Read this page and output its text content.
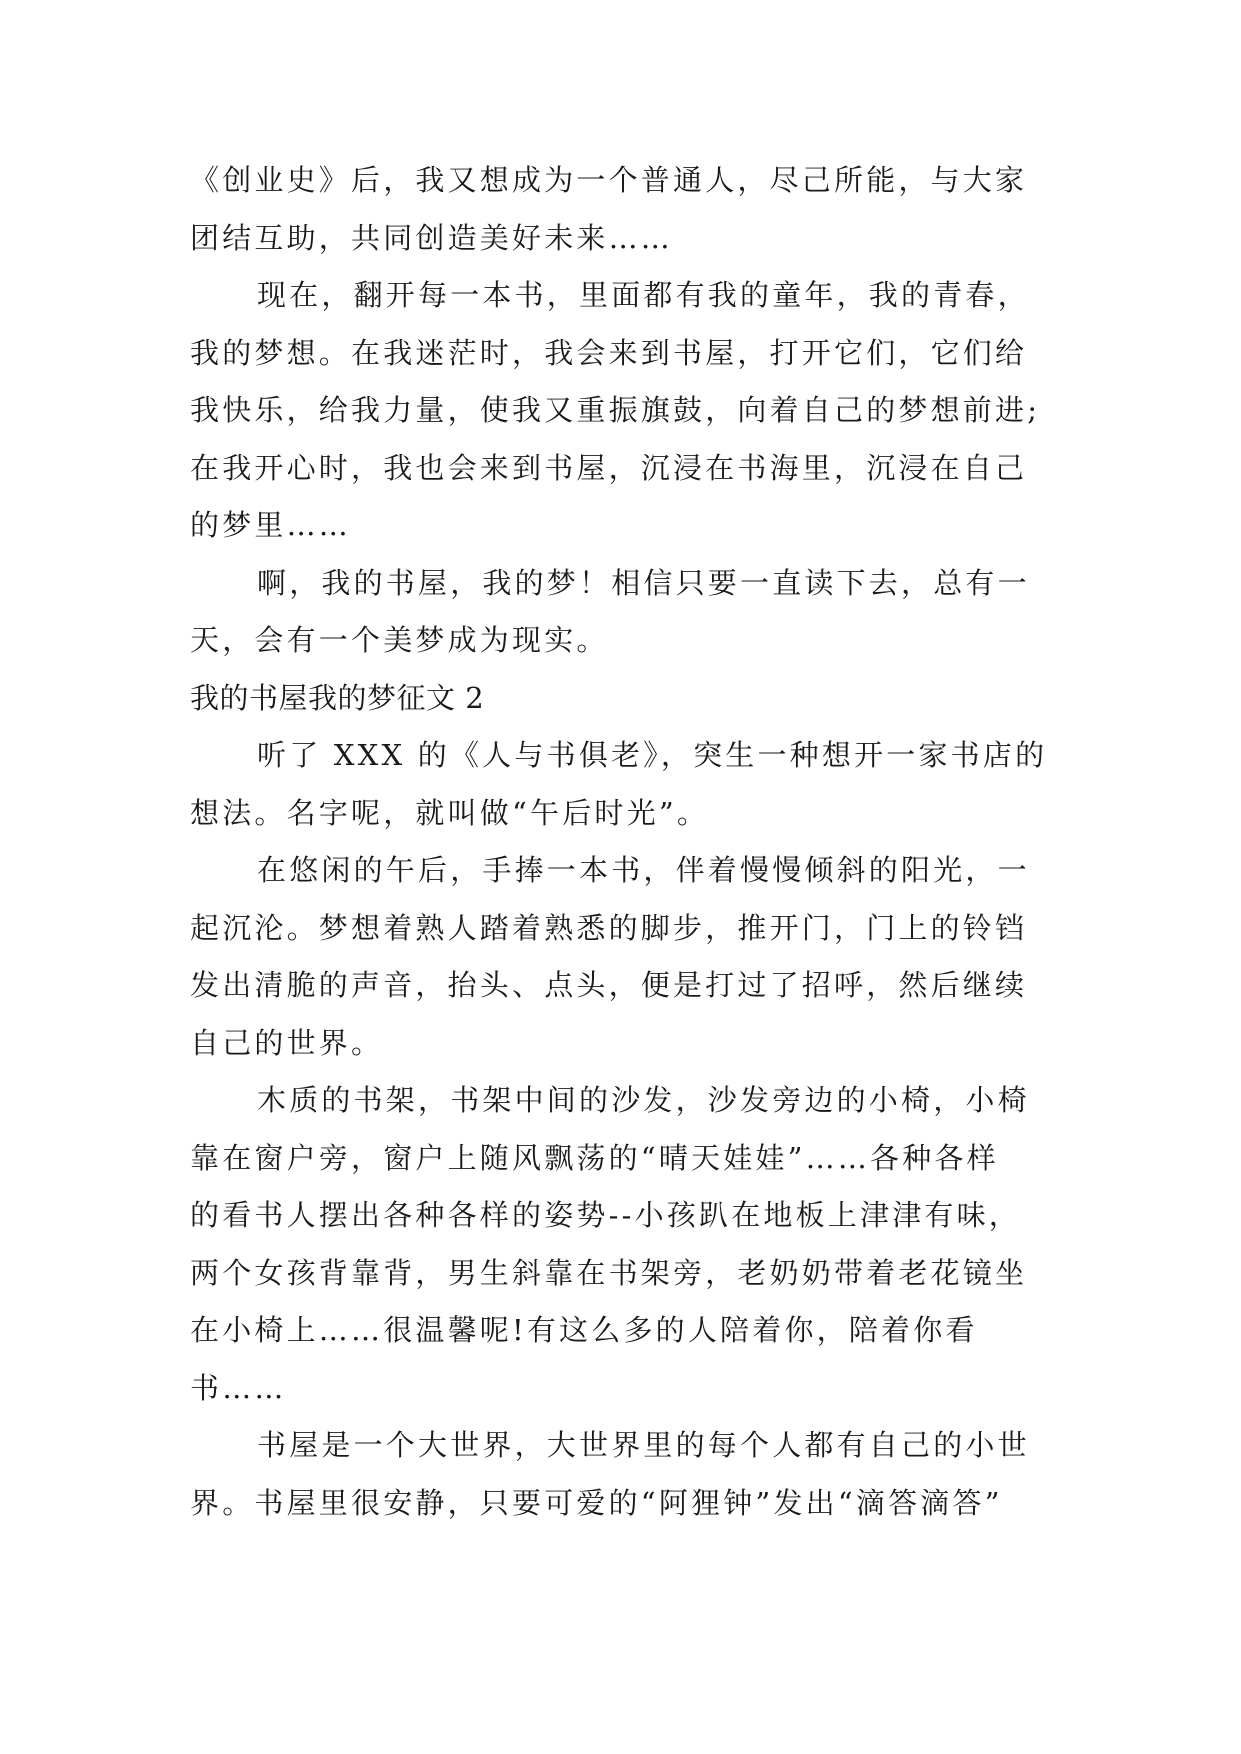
《创业史》后，我又想成为一个普通人，尽己所能，与大家
团结互助，共同创造美好未来……
现在，翻开每一本书，里面都有我的童年，我的青春，
我的梦想。在我迷茫时，我会来到书屋，打开它们，它们给
我快乐，给我力量，使我又重振旗鼓，向着自己的梦想前进;
在我开心时，我也会来到书屋，沉浸在书海里，沉浸在自己
的梦里……
啊，我的书屋，我的梦！相信只要一直读下去，总有一
天，会有一个美梦成为现实。
我的书屋我的梦征文 2
听了 XXX 的《人与书俱老》，突生一种想开一家书店的
想法。名字呢，就叫做“午后时光”。
在悠闲的午后，手捧一本书，伴着慢慢倾斜的阳光，一
起沉沦。梦想着熟人踏着熟悉的脚步，推开门，门上的铃铛
发出清脆的声音，抬头、点头，便是打过了招呼，然后继续
自己的世界。
木质的书架，书架中间的沙发，沙发旁边的小椅，小椅
靠在窗户旁，窗户上随风飘荡的“晴天娃娃”……各种各样
的看书人摆出各种各样的姿势--小孩趴在地板上津津有味，
两个女孩背靠背，男生斜靠在书架旁，老奶奶带着老花镜坐
在小椅上……很温馨呢!有这么多的人陪着你，陪着你看
书……
书屋是一个大世界，大世界里的每个人都有自己的小世
界。书屋里很安静，只要可爱的“阿狸钟”发出“滴答滴答”
